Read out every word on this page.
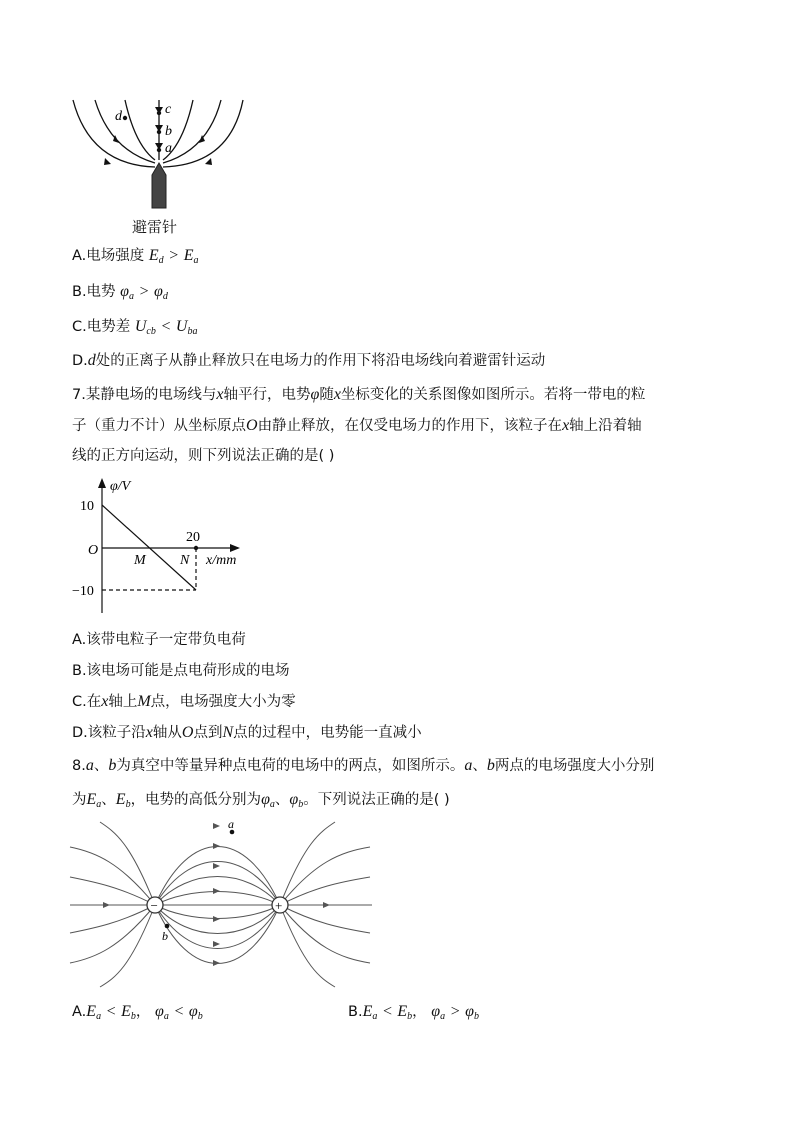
d	c
b
a
避雷针
A.电场强度 $E_d > E_a$
B.电势 $\varphi_a > \varphi_d$
C.电势差 $U_{cb} < U_{ba}$
D.d处的正离子从静止释放只在电场力的作用下将沿电场线向着避雷针运动
7.某静电场的电场线与x轴平行，电势φ随x坐标变化的关系图像如图所示。若将一带电的粒
子（重力不计）从坐标原点O由静止释放，在仅受电场力的作用下，该粒子在x轴上沿着轴
线的正方向运动，则下列说法正确的是( )
φ/V
10
−10
20
O
M N x/mm
A.该带电粒子一定带负电荷
B.该电场可能是点电荷形成的电场
C.在x轴上M点，电场强度大小为零
D.该粒子沿x轴从O点到N点的过程中，电势能一直减小
8.a、b为真空中等量异种点电荷的电场中的两点，如图所示。a、b两点的电场强度大小分别
为$E_a$、$E_b$，电势的高低分别为$\varphi_a$、$\varphi_b$。下列说法正确的是( )
−	+
a
b
$A.E_a < E_b$， $\varphi_a < \varphi_b$	$B.E_a < E_b$， $\varphi_a > \varphi_b$
